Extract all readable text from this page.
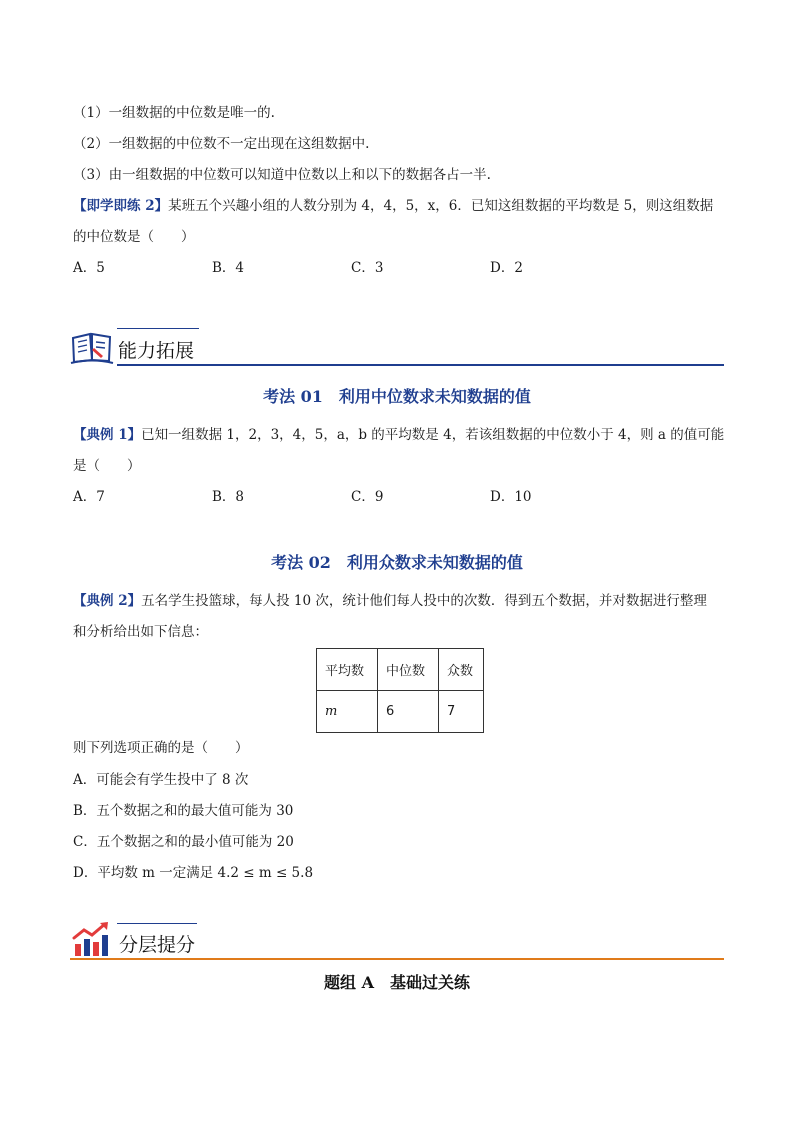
（1）一组数据的中位数是唯一的.
（2）一组数据的中位数不一定出现在这组数据中.
（3）由一组数据的中位数可以知道中位数以上和以下的数据各占一半.
【即学即练 2】某班五个兴趣小组的人数分别为 4，4，5，x，6．已知这组数据的平均数是 5，则这组数据
的中位数是（　　）
A．5	B．4	C．3	D．2
能力拓展
考法 01　利用中位数求未知数据的值
【典例 1】已知一组数据 1，2，3，4，5，a，b 的平均数是 4，若该组数据的中位数小于 4，则 a 的值可能
是（　　）
A．7	B．8	C．9	D．10
考法 02　利用众数求未知数据的值
【典例 2】五名学生投篮球，每人投 10 次，统计他们每人投中的次数．得到五个数据，并对数据进行整理
和分析给出如下信息：
平均数	中位数	众数
m	6	7
则下列选项正确的是（　　）
A．可能会有学生投中了 8 次
B．五个数据之和的最大值可能为 30
C．五个数据之和的最小值可能为 20
D．平均数 m 一定满足 4.2 ≤ m ≤ 5.8
分层提分
题组 A　基础过关练
